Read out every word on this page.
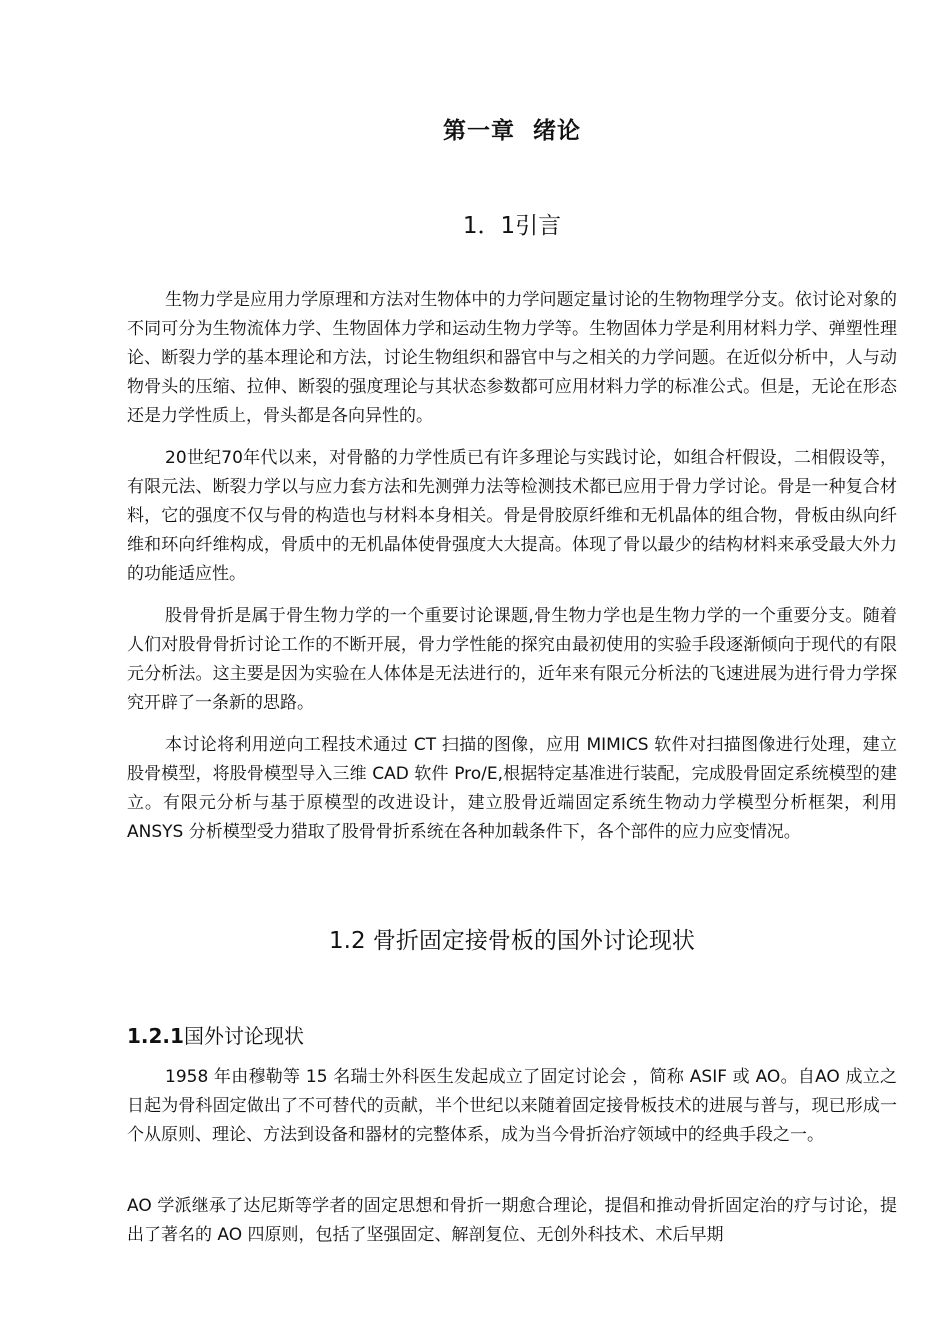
第一章  绪论
1．1引言

生物力学是应用力学原理和方法对生物体中的力学问题定量讨论的生物物理学分支。依讨论对象的不同可分为生物流体力学、生物固体力学和运动生物力学等。生物固体力学是利用材料力学、弹塑性理论、断裂力学的基本理论和方法，讨论生物组织和器官中与之相关的力学问题。在近似分析中，人与动物骨头的压缩、拉伸、断裂的强度理论与其状态参数都可应用材料力学的标准公式。但是，无论在形态还是力学性质上，骨头都是各向异性的。

20世纪70年代以来，对骨骼的力学性质已有许多理论与实践讨论，如组合杆假设，二相假设等，有限元法、断裂力学以与应力套方法和先测弹力法等检测技术都已应用于骨力学讨论。骨是一种复合材料，它的强度不仅与骨的构造也与材料本身相关。骨是骨胶原纤维和无机晶体的组合物，骨板由纵向纤维和环向纤维构成，骨质中的无机晶体使骨强度大大提高。体现了骨以最少的结构材料来承受最大外力的功能适应性。

股骨骨折是属于骨生物力学的一个重要讨论课题,骨生物力学也是生物力学的一个重要分支。随着人们对股骨骨折讨论工作的不断开展，骨力学性能的探究由最初使用的实验手段逐渐倾向于现代的有限元分析法。这主要是因为实验在人体体是无法进行的，近年来有限元分析法的飞速进展为进行骨力学探究开辟了一条新的思路。

本讨论将利用逆向工程技术通过 CT 扫描的图像，应用 MIMICS 软件对扫描图像进行处理，建立股骨模型，将股骨模型导入三维 CAD 软件 Pro/E,根据特定基准进行装配，完成股骨固定系统模型的建立。有限元分析与基于原模型的改进设计，建立股骨近端固定系统生物动力学模型分析框架，利用 ANSYS 分析模型受力猎取了股骨骨折系统在各种加载条件下，各个部件的应力应变情况。

1.2 骨折固定接骨板的国外讨论现状
1.2.1国外讨论现状

1958 年由穆勒等 15 名瑞士外科医生发起成立了固定讨论会 ，简称 ASIF 或 AO。自AO 成立之日起为骨科固定做出了不可替代的贡献，半个世纪以来随着固定接骨板技术的进展与普与，现已形成一个从原则、理论、方法到设备和器材的完整体系，成为当今骨折治疗领域中的经典手段之一。

AO 学派继承了达尼斯等学者的固定思想和骨折一期愈合理论，提倡和推动骨折固定治的疗与讨论，提出了著名的 AO 四原则，包括了坚强固定、解剖复位、无创外科技术、术后早期
